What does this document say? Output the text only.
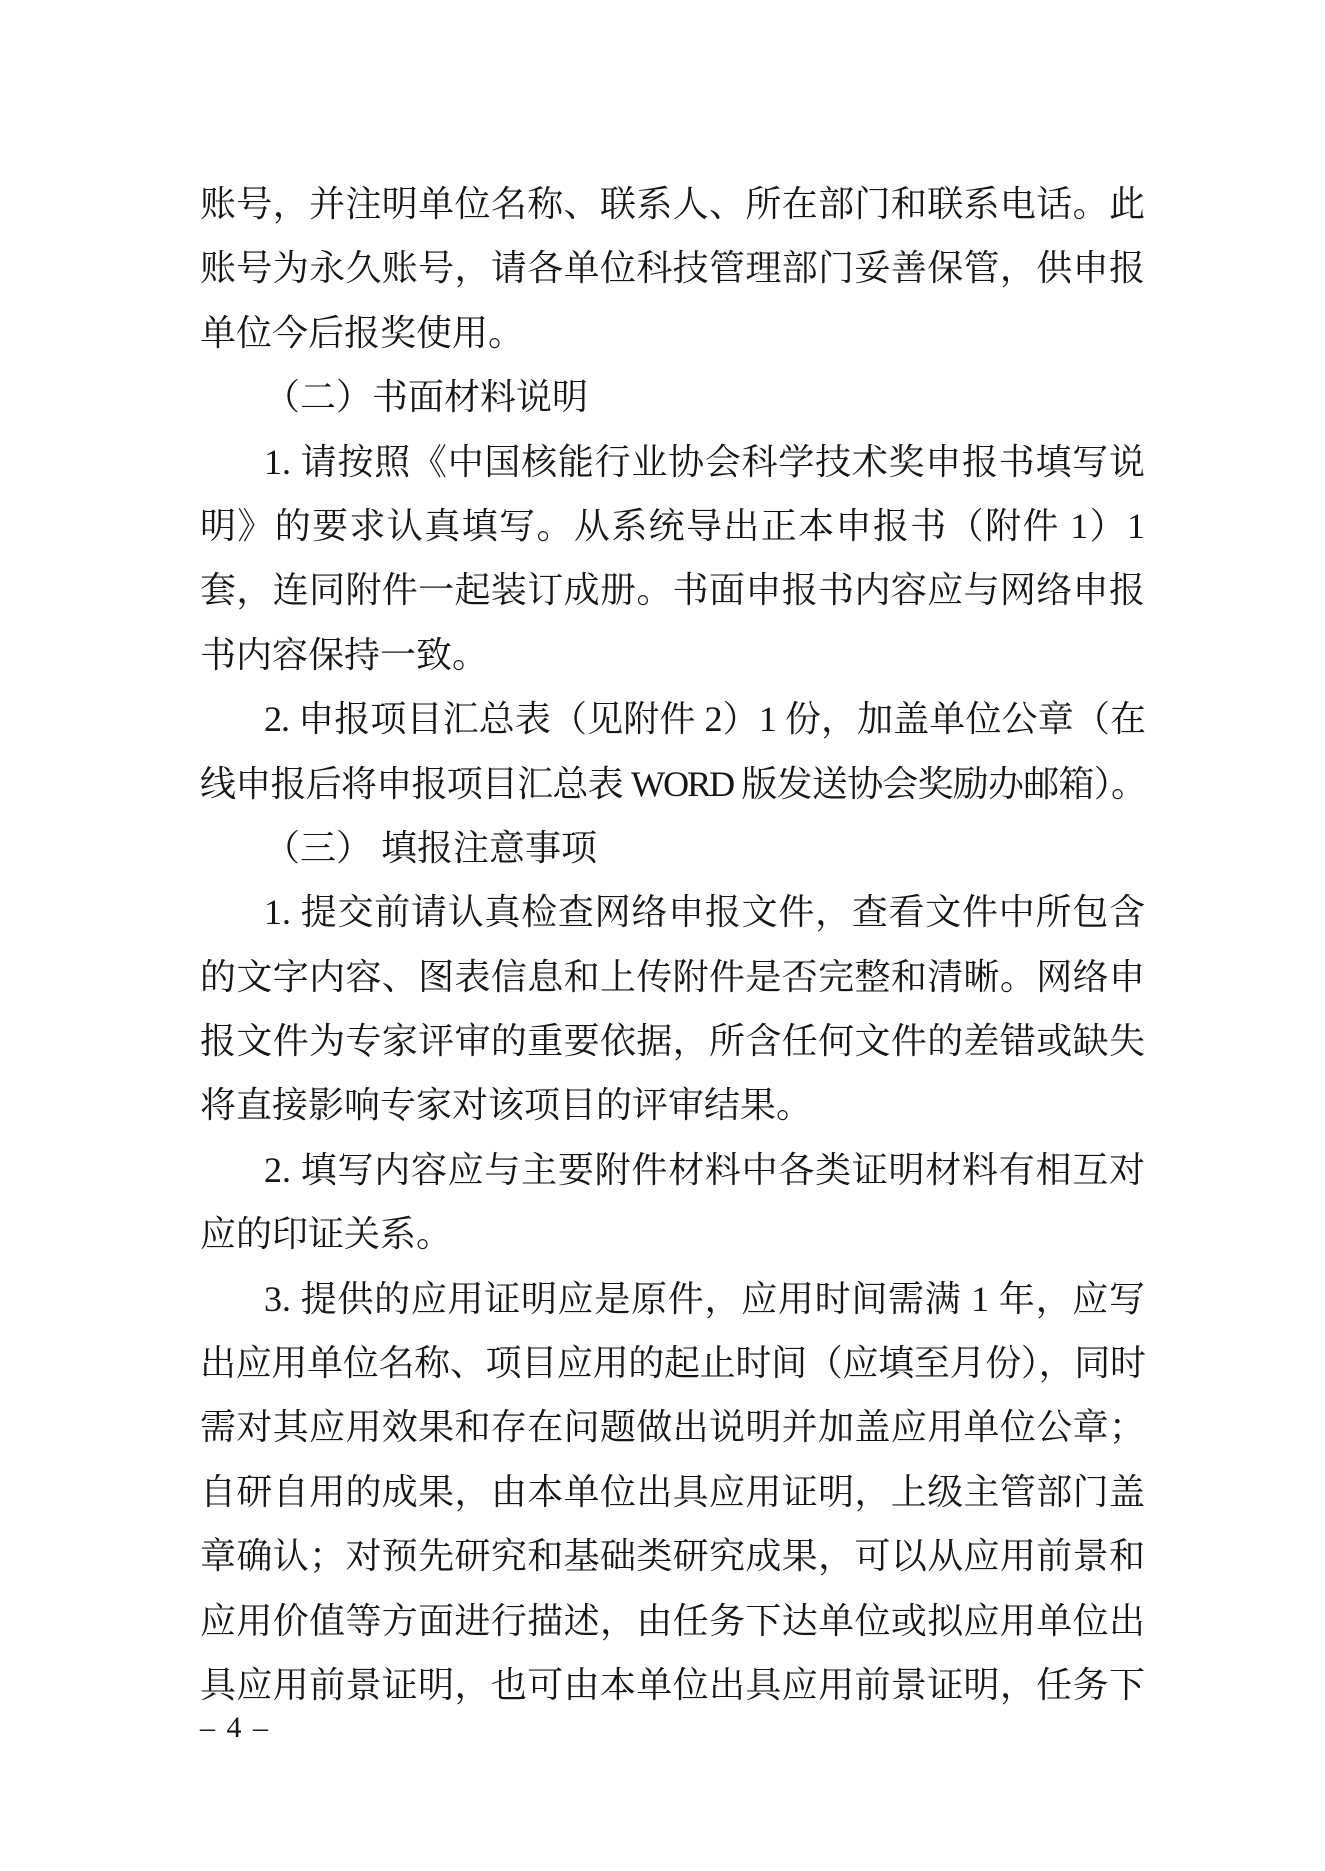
账号，并注明单位名称、联系人、所在部门和联系电话。此
账号为永久账号，请各单位科技管理部门妥善保管，供申报
单位今后报奖使用。
（二）书面材料说明
1. 请按照《中国核能行业协会科学技术奖申报书填写说
明》的要求认真填写。从系统导出正本申报书（附件 1）1
套，连同附件一起装订成册。书面申报书内容应与网络申报
书内容保持一致。
2. 申报项目汇总表（见附件 2）1 份，加盖单位公章（在
线申报后将申报项目汇总表 WORD 版发送协会奖励办邮箱）。
（三） 填报注意事项
1. 提交前请认真检查网络申报文件，查看文件中所包含
的文字内容、图表信息和上传附件是否完整和清晰。网络申
报文件为专家评审的重要依据，所含任何文件的差错或缺失
将直接影响专家对该项目的评审结果。
2. 填写内容应与主要附件材料中各类证明材料有相互对
应的印证关系。
3. 提供的应用证明应是原件，应用时间需满 1 年，应写
出应用单位名称、项目应用的起止时间（应填至月份），同时
需对其应用效果和存在问题做出说明并加盖应用单位公章；
自研自用的成果，由本单位出具应用证明，上级主管部门盖
章确认；对预先研究和基础类研究成果，可以从应用前景和
应用价值等方面进行描述，由任务下达单位或拟应用单位出
具应用前景证明，也可由本单位出具应用前景证明，任务下
– 4 –
